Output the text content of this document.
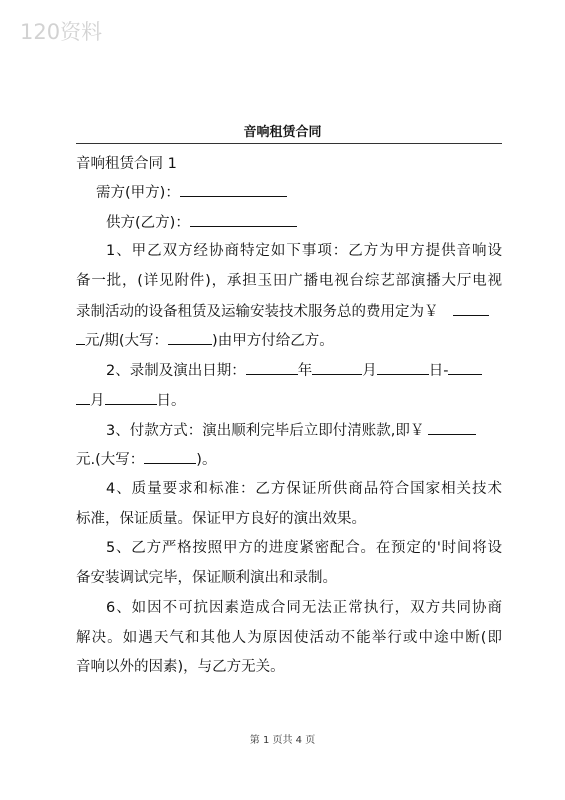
120资料
音响租赁合同
音响租赁合同 1
需方(甲方)：
供方(乙方)：
1、甲乙双方经协商特定如下事项：乙方为甲方提供音响设
备一批，(详见附件)，承担玉田广播电视台综艺部演播大厅电视
录制活动的设备租赁及运输安装技术服务总的费用定为￥
元/期(大写：	)由甲方付给乙方。
2、录制及演出日期：	年	月	日-
月	日。
3、付款方式：演出顺利完毕后立即付清账款,即￥
元.(大写：	)。
4、质量要求和标准：乙方保证所供商品符合国家相关技术
标准，保证质量。保证甲方良好的演出效果。
5、乙方严格按照甲方的进度紧密配合。在预定的'时间将设
备安装调试完毕，保证顺利演出和录制。
6、如因不可抗因素造成合同无法正常执行，双方共同协商
解决。如遇天气和其他人为原因使活动不能举行或中途中断(即
音响以外的因素)，与乙方无关。
第 1 页共 4 页
